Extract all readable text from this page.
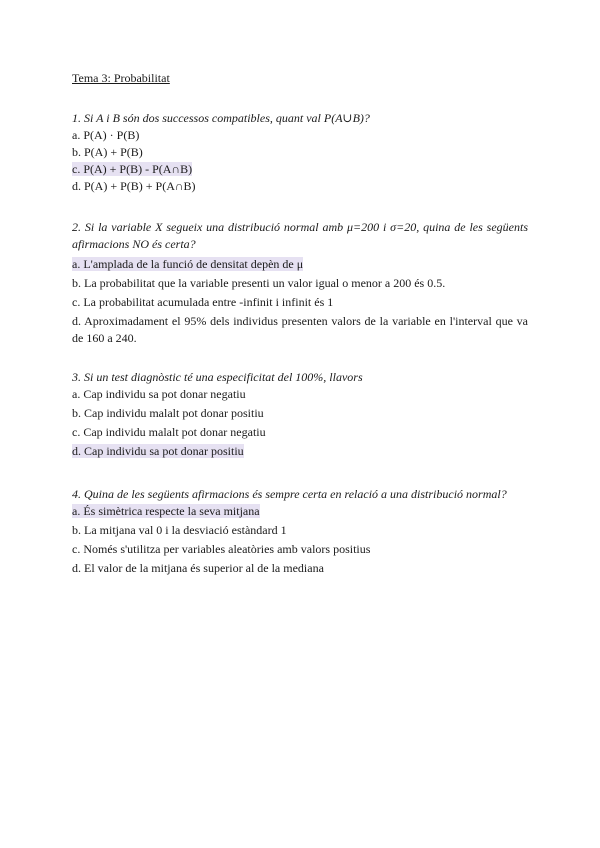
Tema 3: Probabilitat

1. Si A i B són dos successos compatibles, quant val P(A∪B)?

a. P(A) · P(B)

b. P(A) + P(B)

c. P(A) + P(B) - P(A∩B)

d. P(A) + P(B) + P(A∩B)

2. Si la variable X segueix una distribució normal amb μ=200 i σ=20, quina de les següents afirmacions NO és certa?

a. L'amplada de la funció de densitat depèn de μ

b. La probabilitat que la variable presenti un valor igual o menor a 200 és 0.5.

c. La probabilitat acumulada entre -infinit i infinit és 1

d. Aproximadament el 95% dels individus presenten valors de la variable en l'interval que va de 160 a 240.

3. Si un test diagnòstic té una especificitat del 100%, llavors

a. Cap individu sa pot donar negatiu

b. Cap individu malalt pot donar positiu

c. Cap individu malalt pot donar negatiu

d. Cap individu sa pot donar positiu

4. Quina de les següents afirmacions és sempre certa en relació a una distribució normal?

a. És simètrica respecte la seva mitjana

b. La mitjana val 0 i la desviació estàndard 1

c. Només s'utilitza per variables aleatòries amb valors positius

d. El valor de la mitjana és superior al de la mediana
